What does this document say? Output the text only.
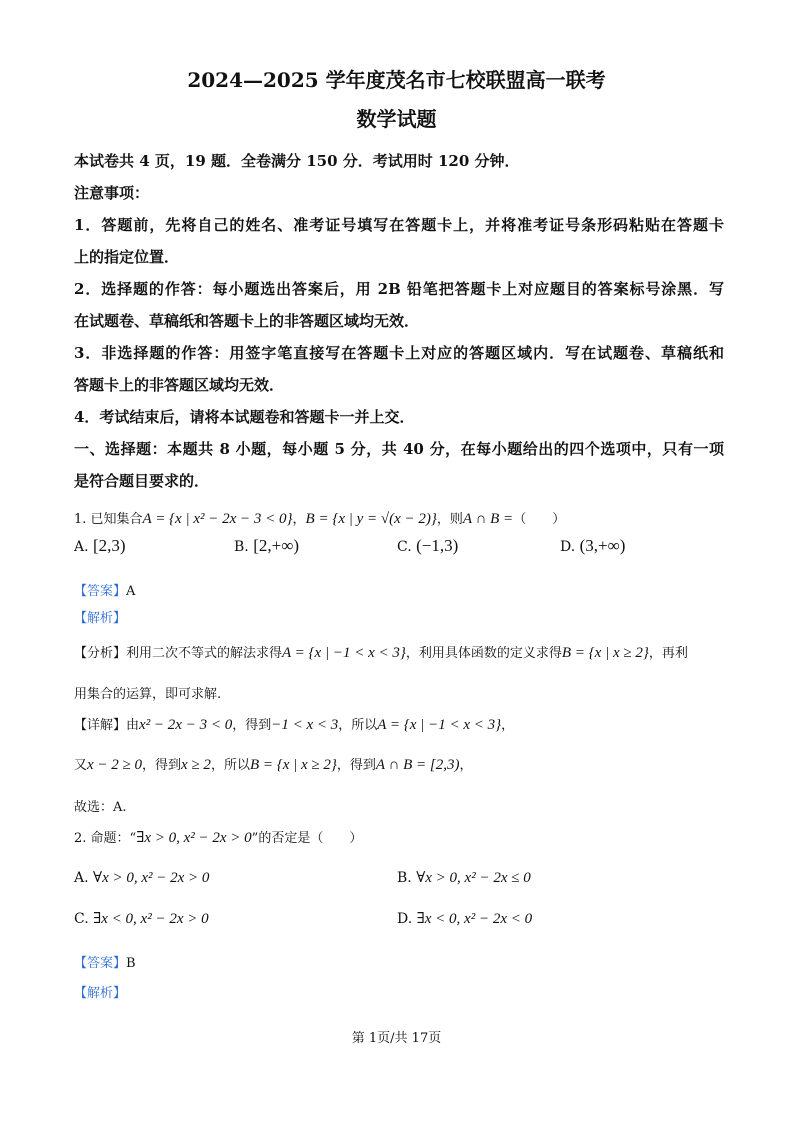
2024—2025 学年度茂名市七校联盟高一联考
数学试题
本试卷共 4 页，19 题．全卷满分 150 分．考试用时 120 分钟．
注意事项：
1．答题前，先将自己的姓名、准考证号填写在答题卡上，并将准考证号条形码粘贴在答题卡
上的指定位置．
2．选择题的作答：每小题选出答案后，用 2B 铅笔把答题卡上对应题目的答案标号涂黑．写
在试题卷、草稿纸和答题卡上的非答题区域均无效．
3．非选择题的作答：用签字笔直接写在答题卡上对应的答题区域内．写在试题卷、草稿纸和
答题卡上的非答题区域均无效．
4．考试结束后，请将本试题卷和答题卡一并上交．
一、选择题：本题共 8 小题，每小题 5 分，共 40 分，在每小题给出的四个选项中，只有一项
是符合题目要求的．
1. 已知集合A = {x | x² − 2x − 3 < 0}，B = {x | y = √(x − 2)}，则A ∩ B =（　　）
A. [2,3)	B. [2,+∞)	C. (−1,3)	D. (3,+∞)
【答案】A
【解析】
【分析】利用二次不等式的解法求得A = {x | −1 < x < 3}，利用具体函数的定义求得B = {x | x ≥ 2}，再利
用集合的运算，即可求解.
【详解】由x² − 2x − 3 < 0，得到−1 < x < 3，所以A = {x | −1 < x < 3}，
又x − 2 ≥ 0，得到x ≥ 2，所以B = {x | x ≥ 2}，得到A ∩ B = [2,3)，
故选：A.
2. 命题：“∃x > 0, x² − 2x > 0”的否定是（　　）
A. ∀x > 0, x² − 2x > 0	B. ∀x > 0, x² − 2x ≤ 0
C. ∃x < 0, x² − 2x > 0	D. ∃x < 0, x² − 2x < 0
【答案】B
【解析】
第 1页/共 17页
